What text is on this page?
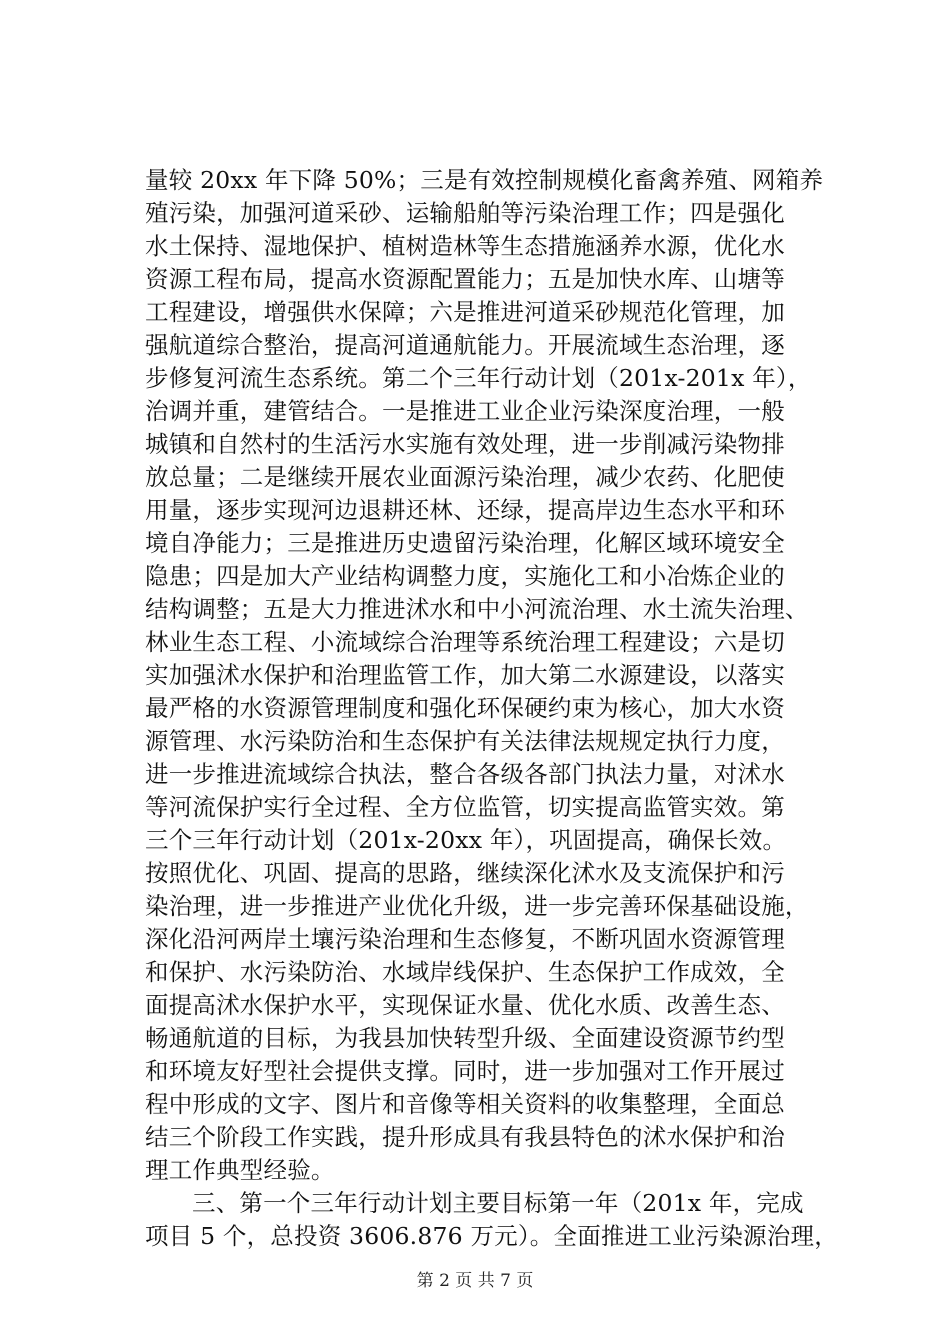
量较 20xx 年下降 50%；三是有效控制规模化畜禽养殖、网箱养
殖污染，加强河道采砂、运输船舶等污染治理工作；四是强化
水土保持、湿地保护、植树造林等生态措施涵养水源，优化水
资源工程布局，提高水资源配置能力；五是加快水库、山塘等
工程建设，增强供水保障；六是推进河道采砂规范化管理，加
强航道综合整治，提高河道通航能力。开展流域生态治理，逐
步修复河流生态系统。第二个三年行动计划（201x-201x 年），
治调并重，建管结合。一是推进工业企业污染深度治理，一般
城镇和自然村的生活污水实施有效处理，进一步削减污染物排
放总量；二是继续开展农业面源污染治理，减少农药、化肥使
用量，逐步实现河边退耕还林、还绿，提高岸边生态水平和环
境自净能力；三是推进历史遗留污染治理，化解区域环境安全
隐患；四是加大产业结构调整力度，实施化工和小冶炼企业的
结构调整；五是大力推进沭水和中小河流治理、水土流失治理、
林业生态工程、小流域综合治理等系统治理工程建设；六是切
实加强沭水保护和治理监管工作，加大第二水源建设，以落实
最严格的水资源管理制度和强化环保硬约束为核心，加大水资
源管理、水污染防治和生态保护有关法律法规规定执行力度，
进一步推进流域综合执法，整合各级各部门执法力量，对沭水
等河流保护实行全过程、全方位监管，切实提高监管实效。第
三个三年行动计划（201x-20xx 年），巩固提高，确保长效。
按照优化、巩固、提高的思路，继续深化沭水及支流保护和污
染治理，进一步推进产业优化升级，进一步完善环保基础设施，
深化沿河两岸土壤污染治理和生态修复，不断巩固水资源管理
和保护、水污染防治、水域岸线保护、生态保护工作成效，全
面提高沭水保护水平，实现保证水量、优化水质、改善生态、
畅通航道的目标，为我县加快转型升级、全面建设资源节约型
和环境友好型社会提供支撑。同时，进一步加强对工作开展过
程中形成的文字、图片和音像等相关资料的收集整理，全面总
结三个阶段工作实践，提升形成具有我县特色的沭水保护和治
理工作典型经验。
三、第一个三年行动计划主要目标第一年（201x 年，完成
项目 5 个，总投资 3606.876 万元）。全面推进工业污染源治理，
第 2 页 共 7 页
